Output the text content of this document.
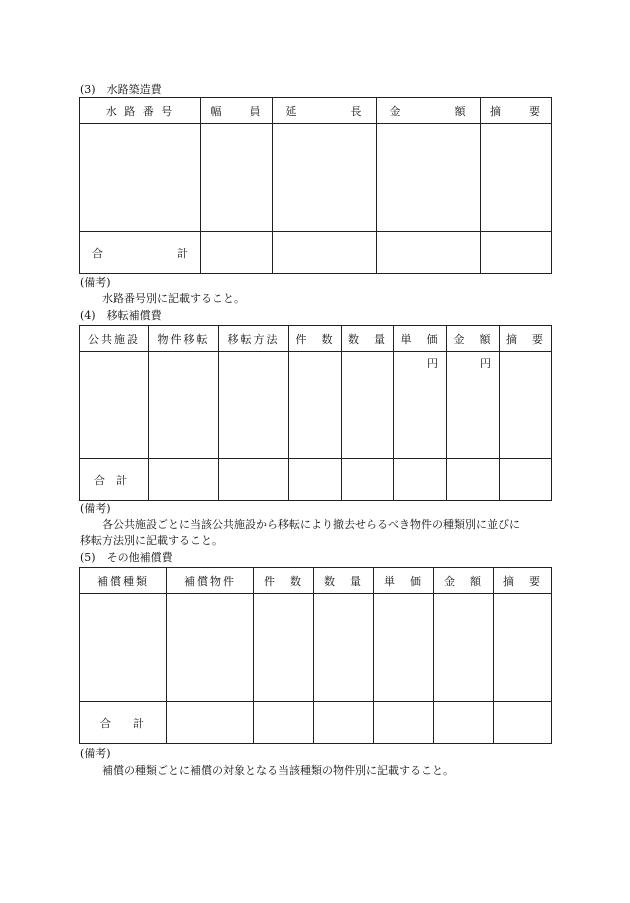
(3)　水路築造費
水 路 番 号	幅　　員	延　　　　長	金　　　　額	摘　　要

合 計				

(備考)
水路番号別に記載すること。
(4)　移転補償費
公共施設	物件移転	移転方法	件　数	数　量	単　価	金　額	摘　要

					円	円	

合　計							
(備考)
各公共施設ごとに当該公共施設から移転により撤去せらるべき物件の種類別に並びに
移転方法別に記載すること。
(5)　その他補償費
補償種類	補償物件	件　数	数　量	単　価	金　額	摘　要

合　　計						
(備考)
補償の種類ごとに補償の対象となる当該種類の物件別に記載すること。
